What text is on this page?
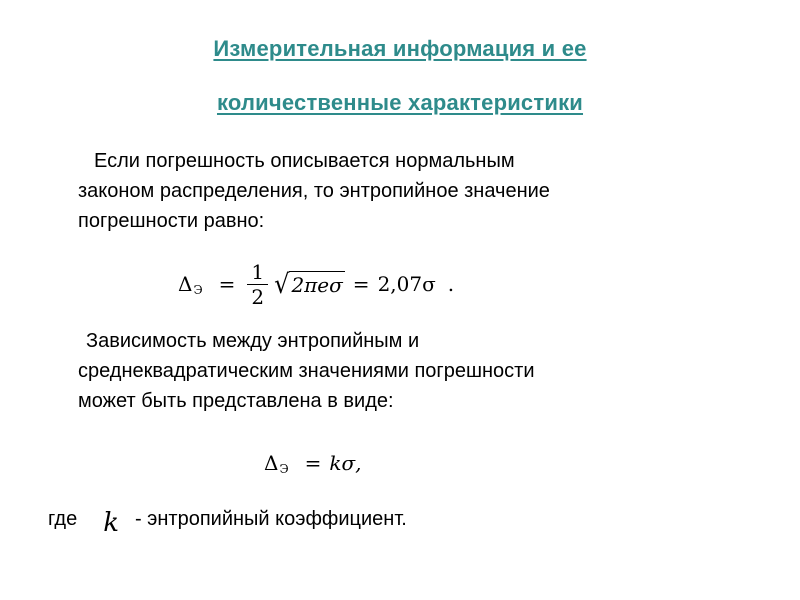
Измерительная информация и ее
количественные характеристики

Если погрешность описывается нормальным
законом распределения, то энтропийное значение
погрешности равно:

Δ $Э = \frac{1}{2}$ √ 2πeσ = 2,07σ .

Зависимость между энтропийным и
среднеквадратическим значениями погрешности
может быть представлена в виде:

Δ Э = kσ,
где k - энтропийный коэффициент.
